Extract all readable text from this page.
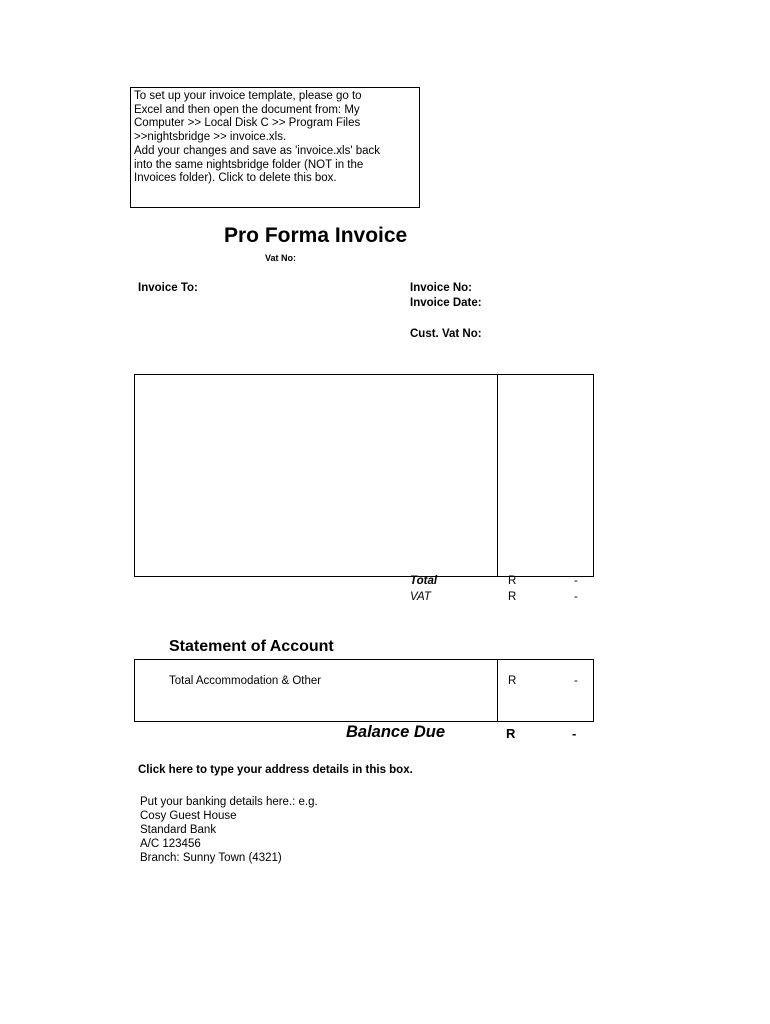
To set up your invoice template, please go to
Excel and then open the document from: My
Computer >> Local Disk C >> Program Files
>>nightsbridge >> invoice.xls.
Add your changes and save as 'invoice.xls' back
into the same nightsbridge folder (NOT in the
Invoices folder). Click to delete this box.
Pro Forma Invoice
Vat No:
Invoice To:	Invoice No:
Invoice Date:
Cust. Vat No:
Total	R	-
VAT	R	-
Statement of Account
Total Accommodation & Other	R	-
Balance Due	R	-
Click here to type your address details in this box.
Put your banking details here.: e.g.
Cosy Guest House
Standard Bank
A/C 123456
Branch: Sunny Town (4321)
